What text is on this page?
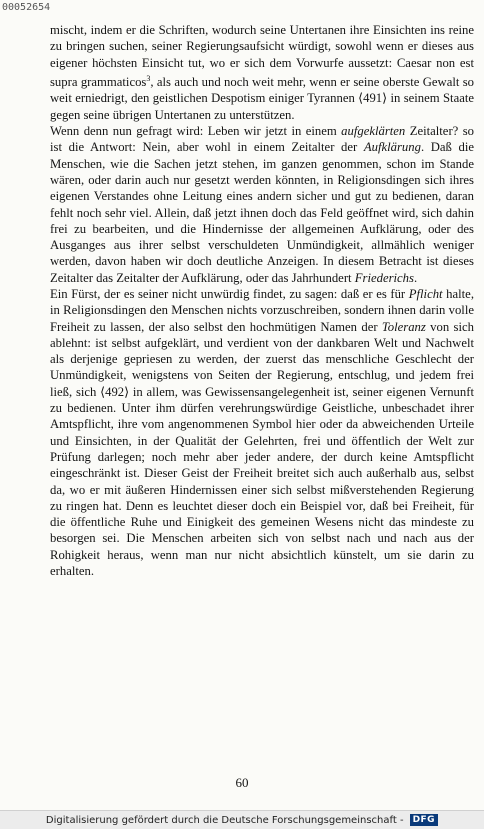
00052654

mischt, indem er die Schriften, wodurch seine Untertanen ihre Einsichten ins reine zu bringen suchen, seiner Regierungsaufsicht würdigt, sowohl wenn er dieses aus eigener höchsten Einsicht tut, wo er sich dem Vorwurfe aussetzt: Caesar non est supra grammaticos$^3$, als auch und noch weit mehr, wenn er seine oberste Gewalt so weit erniedrigt, den geistlichen Despotism einiger Tyrannen ⟨491⟩ in seinem Staate gegen seine übrigen Untertanen zu unterstützen.

Wenn denn nun gefragt wird: Leben wir jetzt in einem aufgeklärten Zeitalter? so ist die Antwort: Nein, aber wohl in einem Zeitalter der Aufklärung. Daß die Menschen, wie die Sachen jetzt stehen, im ganzen genommen, schon im Stande wären, oder darin auch nur gesetzt werden könnten, in Religionsdingen sich ihres eigenen Verstandes ohne Leitung eines andern sicher und gut zu bedienen, daran fehlt noch sehr viel. Allein, daß jetzt ihnen doch das Feld geöffnet wird, sich dahin frei zu bearbeiten, und die Hindernisse der allgemeinen Aufklärung, oder des Ausganges aus ihrer selbst verschuldeten Unmündigkeit, allmählich weniger werden, davon haben wir doch deutliche Anzeigen. In diesem Betracht ist dieses Zeitalter das Zeitalter der Aufklärung, oder das Jahrhundert Friederichs.

Ein Fürst, der es seiner nicht unwürdig findet, zu sagen: daß er es für Pflicht halte, in Religionsdingen den Menschen nichts vorzuschreiben, sondern ihnen darin volle Freiheit zu lassen, der also selbst den hochmütigen Namen der Toleranz von sich ablehnt: ist selbst aufgeklärt, und verdient von der dankbaren Welt und Nachwelt als derjenige gepriesen zu werden, der zuerst das menschliche Geschlecht der Unmündigkeit, wenigstens von Seiten der Regierung, entschlug, und jedem frei ließ, sich ⟨492⟩ in allem, was Gewissensangelegenheit ist, seiner eigenen Vernunft zu bedienen. Unter ihm dürfen verehrungswürdige Geistliche, unbeschadet ihrer Amtspflicht, ihre vom angenommenen Symbol hier oder da abweichenden Urteile und Einsichten, in der Qualität der Gelehrten, frei und öffentlich der Welt zur Prüfung darlegen; noch mehr aber jeder andere, der durch keine Amtspflicht eingeschränkt ist. Dieser Geist der Freiheit breitet sich auch außerhalb aus, selbst da, wo er mit äußeren Hindernissen einer sich selbst mißverstehenden Regierung zu ringen hat. Denn es leuchtet dieser doch ein Beispiel vor, daß bei Freiheit, für die öffentliche Ruhe und Einigkeit des gemeinen Wesens nicht das mindeste zu besorgen sei. Die Menschen arbeiten sich von selbst nach und nach aus der Rohigkeit heraus, wenn man nur nicht absichtlich künstelt, um sie darin zu erhalten.

60
Digitalisierung gefördert durch die Deutsche Forschungsgemeinschaft -	DFG
